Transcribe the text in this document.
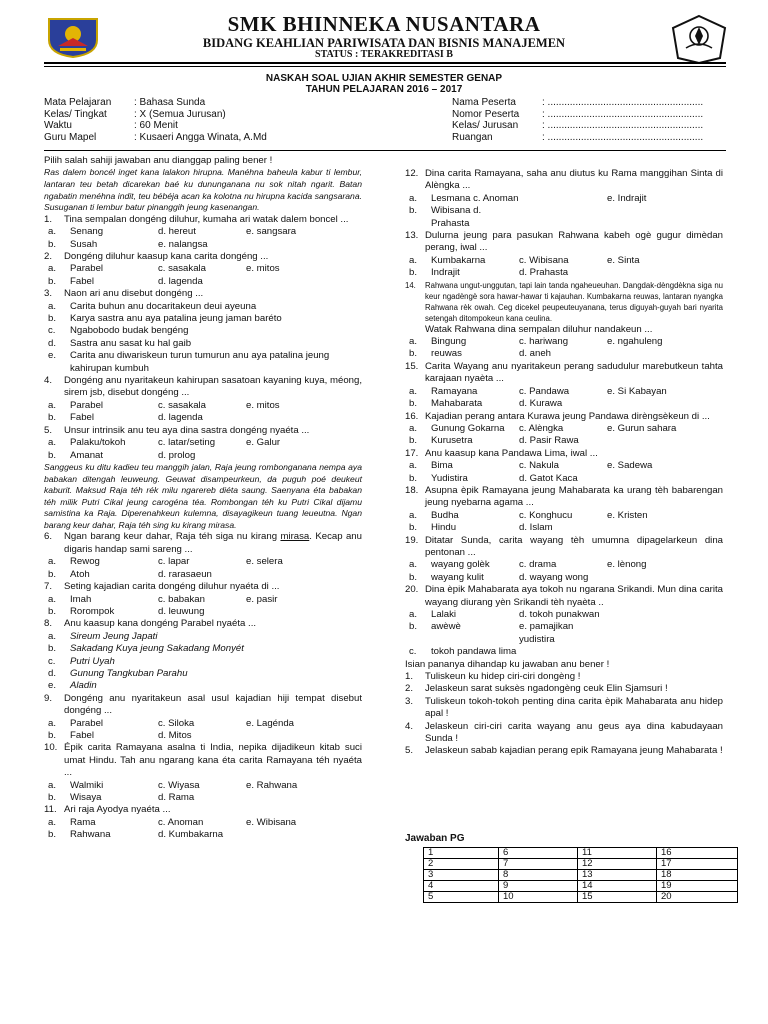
SMK BHINNEKA NUSANTARA
BIDANG KEAHLIAN PARIWISATA DAN BISNIS MANAJEMEN
STATUS : TERAKREDITASI B
NASKAH SOAL UJIAN AKHIR SEMESTER GENAP
TAHUN PELAJARAN 2016 – 2017
Mata Pelajaran	: Bahasa Sunda
Kelas/ Tingkat	: X (Semua Jurusan)
Waktu	: 60 Menit
Guru Mapel	: Kusaeri Angga Winata, A.Md
Nama Peserta	: ........................................................
Nomor Peserta	: ........................................................
Kelas/ Jurusan	: ........................................................
Ruangan	: ........................................................

Pilih salah sahiji jawaban anu dianggap paling bener !

Ras dalem boncél inget kana lalakon hirupna. Manéhna baheula kabur ti lembur, lantaran teu betah dicarekan baé ku dununganana nu sok nitah ngarit. Batan ngabatin menéhna indit, teu bébéja acan ka kolotna nu hirupna kacida sangsarana. Susuganan ti lembur batur pinanggih jeung kasenangan.

1.	Tina sempalan dongéng diluhur, kumaha ari watak dalem boncel ...
a.	Senang	d. hereut	e. sangsara
b.	Susah	e. nalangsa
2.	Dongéng diluhur kaasup kana carita dongéng ...
a.	Parabel	c. sasakala	e. mitos
b.	Fabel	d. lagenda
3.	Naon ari anu disebut dongéng ...
a.	Carita buhun anu docaritakeun deui ayeuna
b.	Karya sastra anu aya patalina jeung jaman baréto
c.	Ngabobodo budak bengéng
d.	Sastra anu sasat ku hal gaib
e.	Carita anu diwariskeun turun tumurun anu aya patalina jeung kahirupan kumbuh
4.	Dongéng anu nyaritakeun kahirupan sasatoan kayaning kuya, méong, sirem jsb, disebut dongéng ...
a.	Parabel	c. sasakala	e. mitos
b.	Fabel	d. lagenda
5.	Unsur intrinsik anu teu aya dina sastra dongéng nyaéta ...
a.	Palaku/tokoh	c. latar/seting	e. Galur
b.	Amanat	d. prolog

Sanggeus ku ditu kadieu teu manggih jalan, Raja jeung rombonganana nempa aya babakan ditengah leuweung. Geuwat disampeurkeun, da puguh poé deukeut kaburit. Maksud Raja téh rék milu ngarereb diéta saung. Saenyana éta babakan téh milik Putri Cikal jeung carogéna téa. Rombongan téh ku Putri Cikal dijamu samistina ka Raja. Diperenahkeun kulemna, disayagikeun tuang leueutna. Ngan barang keur dahar, Raja téh sing ku kirang mirasa.

6.	Ngan barang keur dahar, Raja téh siga nu kirang mirasa. Kecap anu digaris handap sami sareng ...
a.	Rewog	c. lapar	e. selera
b.	Atoh	d. rarasaeun
7.	Seting kajadian carita dongéng diluhur nyaéta di ...
a.	Imah	c. babakan	e. pasir
b.	Rorompok	d. leuwung
8.	Anu kaasup kana dongéng Parabel nyaéta ...
a.	Sireum Jeung Japati
b.	Sakadang Kuya jeung Sakadang Monyét
c.	Putri Uyah
d.	Gunung Tangkuban Parahu
e.	Aladin
9.	Dongéng anu nyaritakeun asal usul kajadian hiji tempat disebut dongéng ...
a.	Parabel	c. Siloka	e. Lagénda
b.	Fabel	d. Mitos
10. Épik carita Ramayana asalna ti India, nepika dijadikeun kitab suci umat Hindu. Tah anu ngarang kana éta carita Ramayana téh nyaéta ...
a.	Walmiki	c. Wiyasa	e. Rahwana
b.	Wisaya	d. Rama
11. Ari raja Ayodya nyaéta ...
a.	Rama	c. Anoman	e. Wibisana
b.	Rahwana	d. Kumbakarna
12. Dina carita Ramayana, saha anu diutus ku Rama manggihan Sinta di Alèngka ...
a.	Lesmana c. Anoman	e. Indrajit
b.	Wibisana d. Prahasta
13. Dulurna jeung para pasukan Rahwana kabeh ogè gugur dimèdan perang, iwal ...
a.	Kumbakarna	c. Wibisana	e. Sinta
b.	Indrajit	d. Prahasta
14.	Rahwana ungut-unggutan, tapi lain tanda ngaheueuhan. Dangdak-dèngdèkna siga nu keur ngadèngè sora hawar-hawar ti kajauhan. Kumbakarna reuwas, lantaran nyangka Rahwana rèk owah. Ceg dicekel peupeuteuyanana, terus diguyah-guyah bari nyarita setengah ditompokeun kana ceulina.
Watak Rahwana dina sempalan diluhur nandakeun ...
a.	Bingung	c. hariwang	e. ngahuleng
b.	reuwas	d. aneh
15. Carita Wayang anu nyaritakeun perang sadudulur marebutkeun tahta karajaan nyaèta ...
a.	Ramayana	c. Pandawa	e. Si Kabayan
b.	Mahabarata	d. Kurawa
16. Kajadian perang antara Kurawa jeung Pandawa dirèngsèkeun di ...
a.	Gunung Gokarna	c. Alèngka	e. Gurun sahara
b.	Kurusetra	d. Pasir Rawa
17. Anu kaasup kana Pandawa Lima, iwal ...
a.	Bima	c. Nakula	e. Sadewa
b.	Yudistira	d. Gatot Kaca
18. Asupna èpik Ramayana jeung Mahabarata ka urang tèh babarengan jeung nyebarna agama ...
a.	Budha	c. Konghucu	e. Kristen
b.	Hindu	d. Islam
19. Ditatar Sunda, carita wayang tèh umumna dipagelarkeun dina pentonan ...
a.	wayang golèk	c. drama	e. lènong
b.	wayang kulit	d. wayang wong
20. Dina èpik Mahabarata aya tokoh nu ngarana Srikandi. Mun dina carita wayang diurang yèn Srikandi tèh nyaèta ..
a.	Lalaki	d. tokoh punakwan
b.	awèwè	e. pamajikan yudistira
c.	tokoh pandawa lima

Isian pananya dihandap ku jawaban anu bener !

1.	Tuliskeun ku hidep ciri-ciri dongèng !
2.	Jelaskeun sarat suksès ngadongèng ceuk Elin Sjamsuri !
3.	Tuliskeun tokoh-tokoh penting dina carita èpik Mahabarata anu hidep apal !
4.	Jelaskeun ciri-ciri carita wayang anu geus aya dina kabudayaan Sunda !
5.	Jelaskeun sabab kajadian perang epik Ramayana jeung Mahabarata !
Jawaban PG
1	6	11	16
2	7	12	17
3	8	13	18
4	9	14	19
5	10	15	20
